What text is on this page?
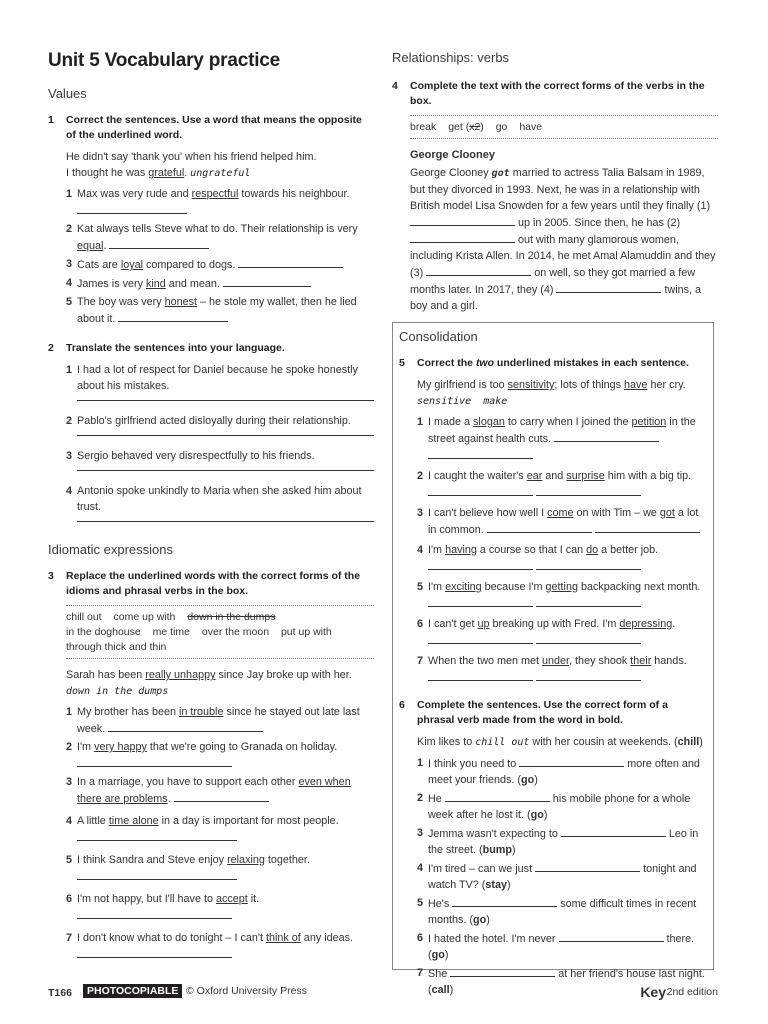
Unit 5 Vocabulary practice
Values
1	Correct the sentences. Use a word that means the opposite of the underlined word.
He didn't say 'thank you' when his friend helped him.
I thought he was grateful. ungrateful
1 Max was very rude and respectful towards his neighbour.
2 Kat always tells Steve what to do. Their relationship is very equal.
3 Cats are loyal compared to dogs.
4 James is very kind and mean.
5 The boy was very honest – he stole my wallet, then he lied about it.
2	Translate the sentences into your language.
1 I had a lot of respect for Daniel because he spoke honestly about his mistakes.
2 Pablo's girlfriend acted disloyally during their relationship.
3 Sergio behaved very disrespectfully to his friends.
4 Antonio spoke unkindly to Maria when she asked him about trust.
Idiomatic expressions
3	Replace the underlined words with the correct forms of the idioms and phrasal verbs in the box.
chill out come up with down in the dumps
in the doghouse me time over the moon put up with
through thick and thin
Sarah has been really unhappy since Jay broke up with her.
down in the dumps
1 My brother has been in trouble since he stayed out late last week.
2 I'm very happy that we're going to Granada on holiday.
3 In a marriage, you have to support each other even when there are problems.
4 A little time alone in a day is important for most people.

5 I think Sandra and Steve enjoy relaxing together.

6 I'm not happy, but I'll have to accept it.
7 I don't know what to do tonight – I can't think of any ideas.
Relationships: verbs
4	Complete the text with the correct forms of the verbs in the box.
break get (x2) go have
George Clooney
George Clooney got married to actress Talia Balsam in 1989, but they divorced in 1993. Next, he was in a relationship with British model Lisa Snowden for a few years until they finally (1)  up in 2005. Since then, he has (2)  out with many glamorous women, including Krista Allen. In 2014, he met Amal Alamuddin and they (3)	on well, so they got married a few months later. In 2017, they (4)	twins, a boy and a girl.
Consolidation
5	Correct the two underlined mistakes in each sentence.
My girlfriend is too sensitivity; lots of things have her cry.
sensitive  make
1 I made a slogan to carry when I joined the petition in the street against health cuts.
2 I caught the waiter's ear and surprise him with a big tip.
3 I can't believe how well I come on with Tim – we got a lot in common.
4 I'm having a course so that I can do a better job.
5 I'm exciting because I'm getting backpacking next month.
6 I can't get up breaking up with Fred. I'm depressing.
7 When the two men met under, they shook their hands.
6	Complete the sentences. Use the correct form of a phrasal verb made from the word in bold.
Kim likes to chill out with her cousin at weekends. (chill)
1 I think you need to	more often and meet your friends. (go)
2 He	his mobile phone for a whole week after he lost it. (go)
3 Jemma wasn't expecting to	Leo in the street. (bump)
4 I'm tired – can we just	tonight and watch TV? (stay)
5 He's	some difficult times in recent months. (go)
6 I hated the hotel. I'm never	there. (go)
7 She	at her friend's house last night. (call)
T166	PHOTOCOPIABLE © Oxford University Press	Key 2nd edition
